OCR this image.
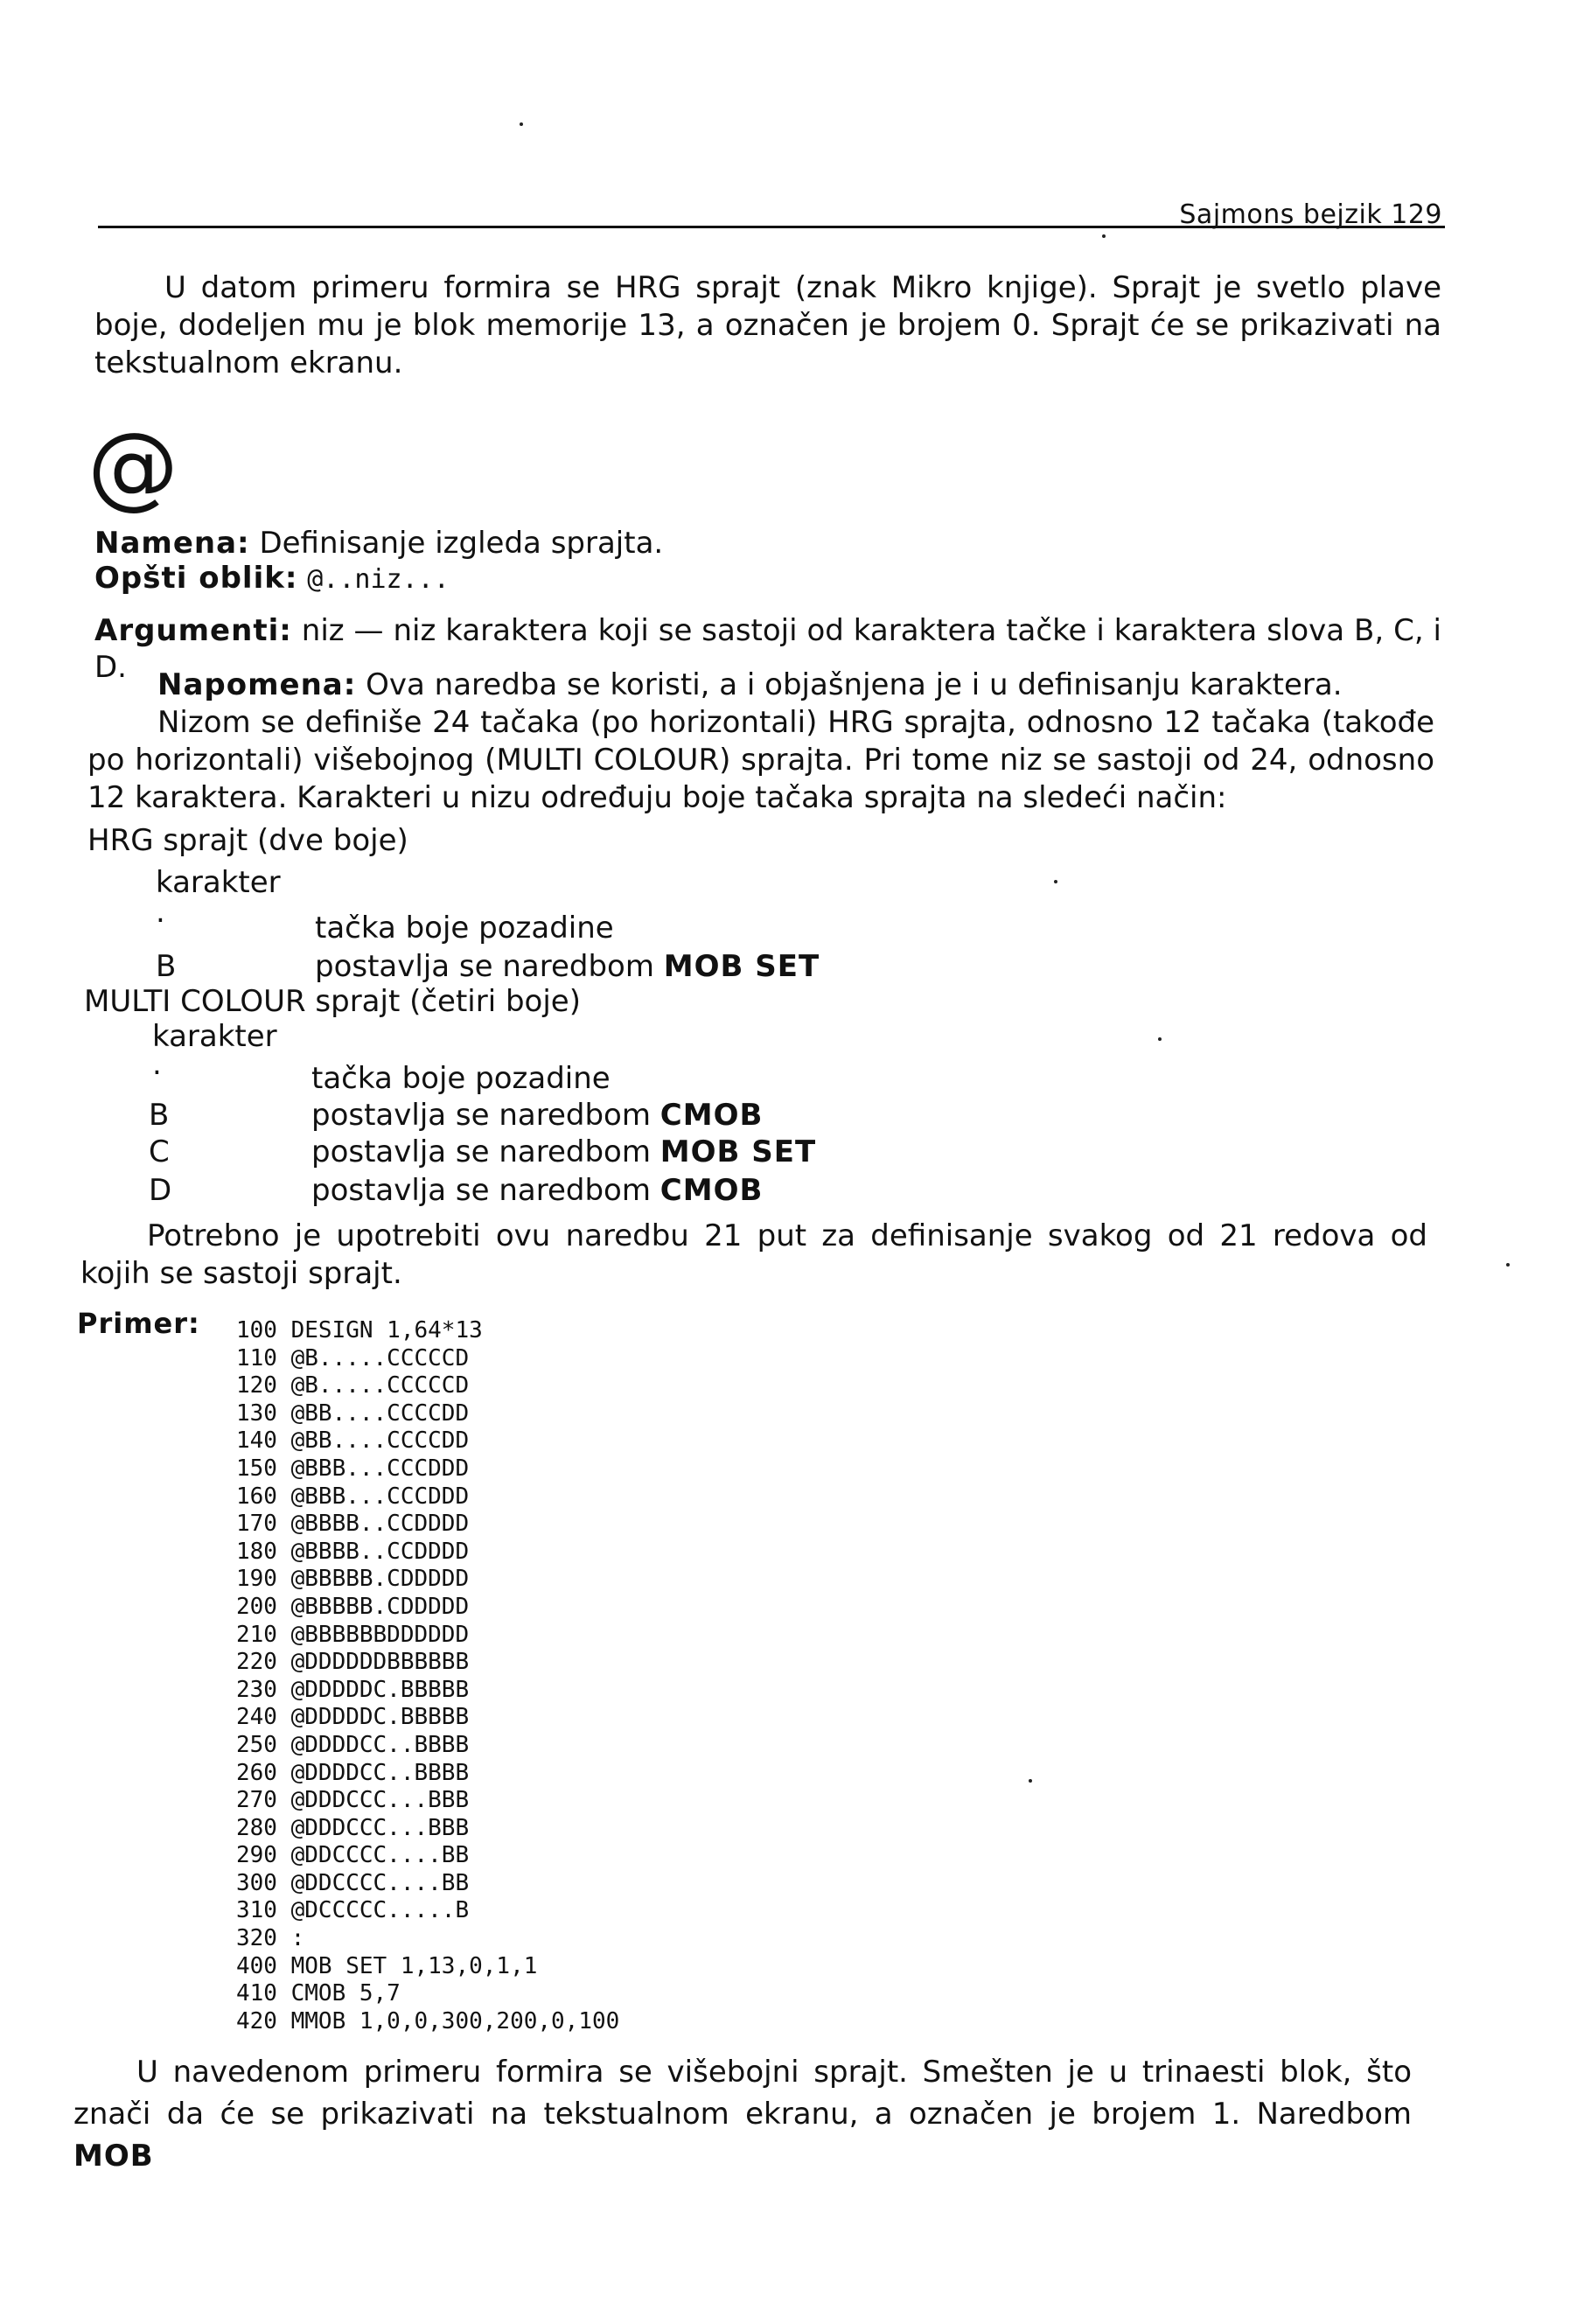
Sajmons bejzik 129
U datom primeru formira se HRG sprajt (znak Mikro knjige). Sprajt je svetlo plave boje, dodeljen mu je blok memorije 13, a označen je brojem 0. Sprajt će se prikazivati na tekstualnom ekranu.
@
Namena: Definisanje izgleda sprajta.
Opšti oblik: @..niz...
Argumenti: niz — niz karaktera koji se sastoji od karaktera tačke i karaktera slova B, C, i D.	Napomena: Ova naredba se koristi, a i objašnjena je i u definisanju karaktera.
Nizom se definiše 24 tačaka (po horizontali) HRG sprajta, odnosno 12 tačaka (takođe po horizontali) višebojnog (MULTI COLOUR) sprajta. Pri tome niz se sastoji od 24, odnosno 12 karaktera. Karakteri u nizu određuju boje tačaka sprajta na sledeći način:
HRG sprajt (dve boje)
karakter
.	tačka boje pozadine
B	postavlja se naredbom MOB SET
MULTI COLOUR sprajt (četiri boje)
karakter
.	tačka boje pozadine
B	postavlja se naredbom CMOB
C	postavlja se naredbom MOB SET
D	postavlja se naredbom CMOB
Potrebno je upotrebiti ovu naredbu 21 put za definisanje svakog od 21 redova od kojih se sastoji sprajt.
Primer: 100 DESIGN 1,64*13
110 @B.....CCCCCD
120 @B.....CCCCCD
130 @BB....CCCCDD
140 @BB....CCCCDD
150 @BBB...CCCDDD
160 @BBB...CCCDDD
170 @BBBB..CCDDDD
180 @BBBB..CCDDDD
190 @BBBBB.CDDDDD
200 @BBBBB.CDDDDD
210 @BBBBBBDDDDDD
220 @DDDDDDBBBBBB
230 @DDDDDC.BBBBB
240 @DDDDDC.BBBBB
250 @DDDDCC..BBBB
260 @DDDDCC..BBBB
270 @DDDCCC...BBB
280 @DDDCCC...BBB
290 @DDCCCC....BB
300 @DDCCCC....BB
310 @DCCCCC.....B
320 :
400 MOB SET 1,13,0,1,1
410 CMOB 5,7
420 MMOB 1,0,0,300,200,0,100
U navedenom primeru formira se višebojni sprajt. Smešten je u trinaesti blok, što znači da će se prikazivati na tekstualnom ekranu, a označen je brojem 1. Naredbom MOB
